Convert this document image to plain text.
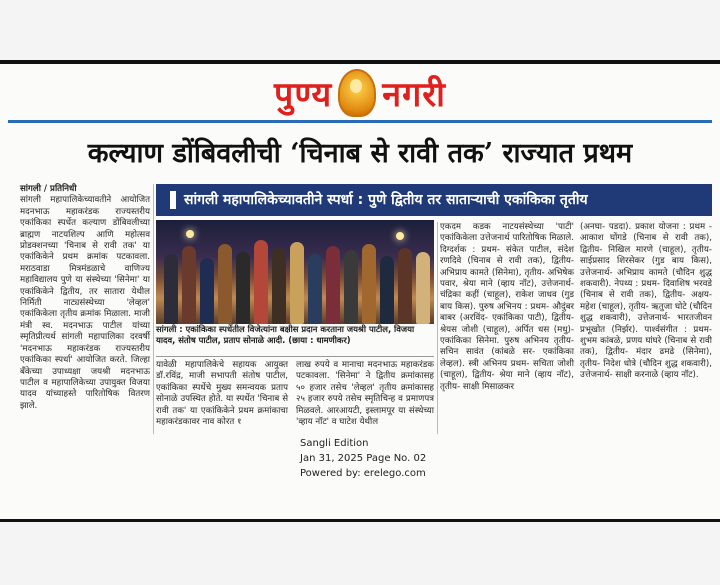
पुण्य नगरी
कल्याण डोंबिवलीची ‘चिनाब से रावी तक’ राज्यात प्रथम
सांगली / प्रतिनिधी
सांगली महापालिकेच्यावतीने आयोजित मदनभाऊ महाकरंडक राज्यस्तरीय एकांकिका स्पर्धेत कल्याण डोंबिवलीच्या ब्राह्मण नाटयशिल्प आणि महोत्सव प्रोडक्शनच्या 'चिनाब से रावी तक' या एकांकिकेने प्रथम क्रमांक पटकावला. मराठवाडा मित्रमंडळाचे वाणिज्य महाविद्यालय पुणे या संस्थेच्या 'सिनेमा' या एकांकिकेने द्वितीय, तर सातारा येथील निर्मिती नाट्यसंस्थेच्या 'लेव्हल' एकांकिकेला तृतीय क्रमांक मिळाला. माजी मंत्री स्व. मदनभाऊ पाटील यांच्या स्मृतिप्रीत्यर्थ सांगली महापालिका दरवर्षी 'मदनभाऊ महाकरंडक राज्यस्तरीय एकांकिका स्पर्धा' आयोजित करते. जिल्हा बँकेच्या उपाध्यक्षा जयश्री मदनभाऊ पाटील व महापालिकेच्या उपायुक्त विजया यादव यांच्याहस्ते पारितोषिक वितरण झाले.
सांगली महापालिकेच्यावतीने स्पर्धा : पुणे द्वितीय तर साताऱ्याची एकांकिका तृतीय
सांगली : एकांकिका स्पर्धेतील विजेत्यांना बक्षीस प्रदान करताना जयश्री पाटील, विजया यादव, संतोष पाटील, प्रताप सोनाळे आदी. (छाया : धामणीकर)
यावेळी महापालिकेचे सहायक आयुक्त डॉ.रविंद्र, माजी सभापती संतोष पाटील, एकांकिका स्पर्धेचे मुख्य समन्वयक प्रताप सोनाळे उपस्थित होते. या स्पर्धेत 'चिनाब से रावी तक' या एकांकिकेने प्रथम क्रमांकाचा महाकरंडकावर नाव कोरत १
लाख रुपये व मानाचा मदनभाऊ महाकरंडक पटकावला. 'सिनेमा' ने द्वितीय क्रमांकासह ५० हजार तसेच 'लेव्हल' तृतीय क्रमांकासह २५ हजार रुपये तसेच स्मृतिचिन्ह व प्रमाणपत्र मिळवले. आरआयटी, इस्लामपूर या संस्थेच्या 'व्हाय नॉट' व घाटेश येथील
एकदम कडक नाटयसंस्थेच्या 'पाटी' एकांकिकेला उत्तेजनार्थ पारितोषिक मिळाले. दिग्दर्शक : प्रथम- संकेत पाटील, संदेश रणदिवे (चिनाब से रावी तक), द्वितीय- अभिप्राय कामते (सिनेमा), तृतीय- अभिषेक पवार, श्रेया माने (व्हाय नॉट), उत्तेजनार्थ- चंद्रिका कहीं (चाहूल), राकेश जाधव (गुड बाय किस). पुरुष अभिनय : प्रथम- औदुंबर बाबर (अरविंद- एकांकिका पाटी), द्वितीय- श्रेयस जोशी (चाहूल), अर्पित धस (मधु)-एकांकिका सिनेमा. पुरुष अभिनय तृतीय- सचिन सावंत (कांबळे सर- एकांकिका लेव्हल). स्त्री अभिनय प्रथम- सचिता जोशी (चाहूल), द्वितीय- श्रेया माने (व्हाय नॉट), तृतीय- साक्षी मिसाळकर
(अनघा- पडदा). प्रकाश योजना : प्रथम - आकाश घोंगडे (चिनाब से रावी तक), द्वितीय- निखिल मारणे (चाहूल), तृतीय- साईप्रसाद शिरसेकर (गुड बाय किस), उत्तेजनार्थ- अभिप्राय कामते (चौदिन शुद्ध शकवारी). नेपथ्य : प्रथम- दिवाशिष भरवडे (चिनाब से रावी तक), द्वितीय- अक्षय- महेश (चाहूल), तृतीय- ऋतुजा घोटे (चौदिन शुद्ध शकवारी), उत्तेजनार्थ- भारतजीवन प्रभूखोत (निर्झर). पार्श्वसंगीत : प्रथम- शुभम कांबळे, प्रणय घांघरे (चिनाब से रावी तक), द्वितीय- मंदार ढमढे (सिनेमा), तृतीय- निदेश धोत्रे (चौदिन शुद्ध शकवारी), उत्तेजनार्थ- साक्षी करनाळे (व्हाय नॉट).
Sangli Edition
Jan 31, 2025 Page No. 02
Powered by: erelego.com
